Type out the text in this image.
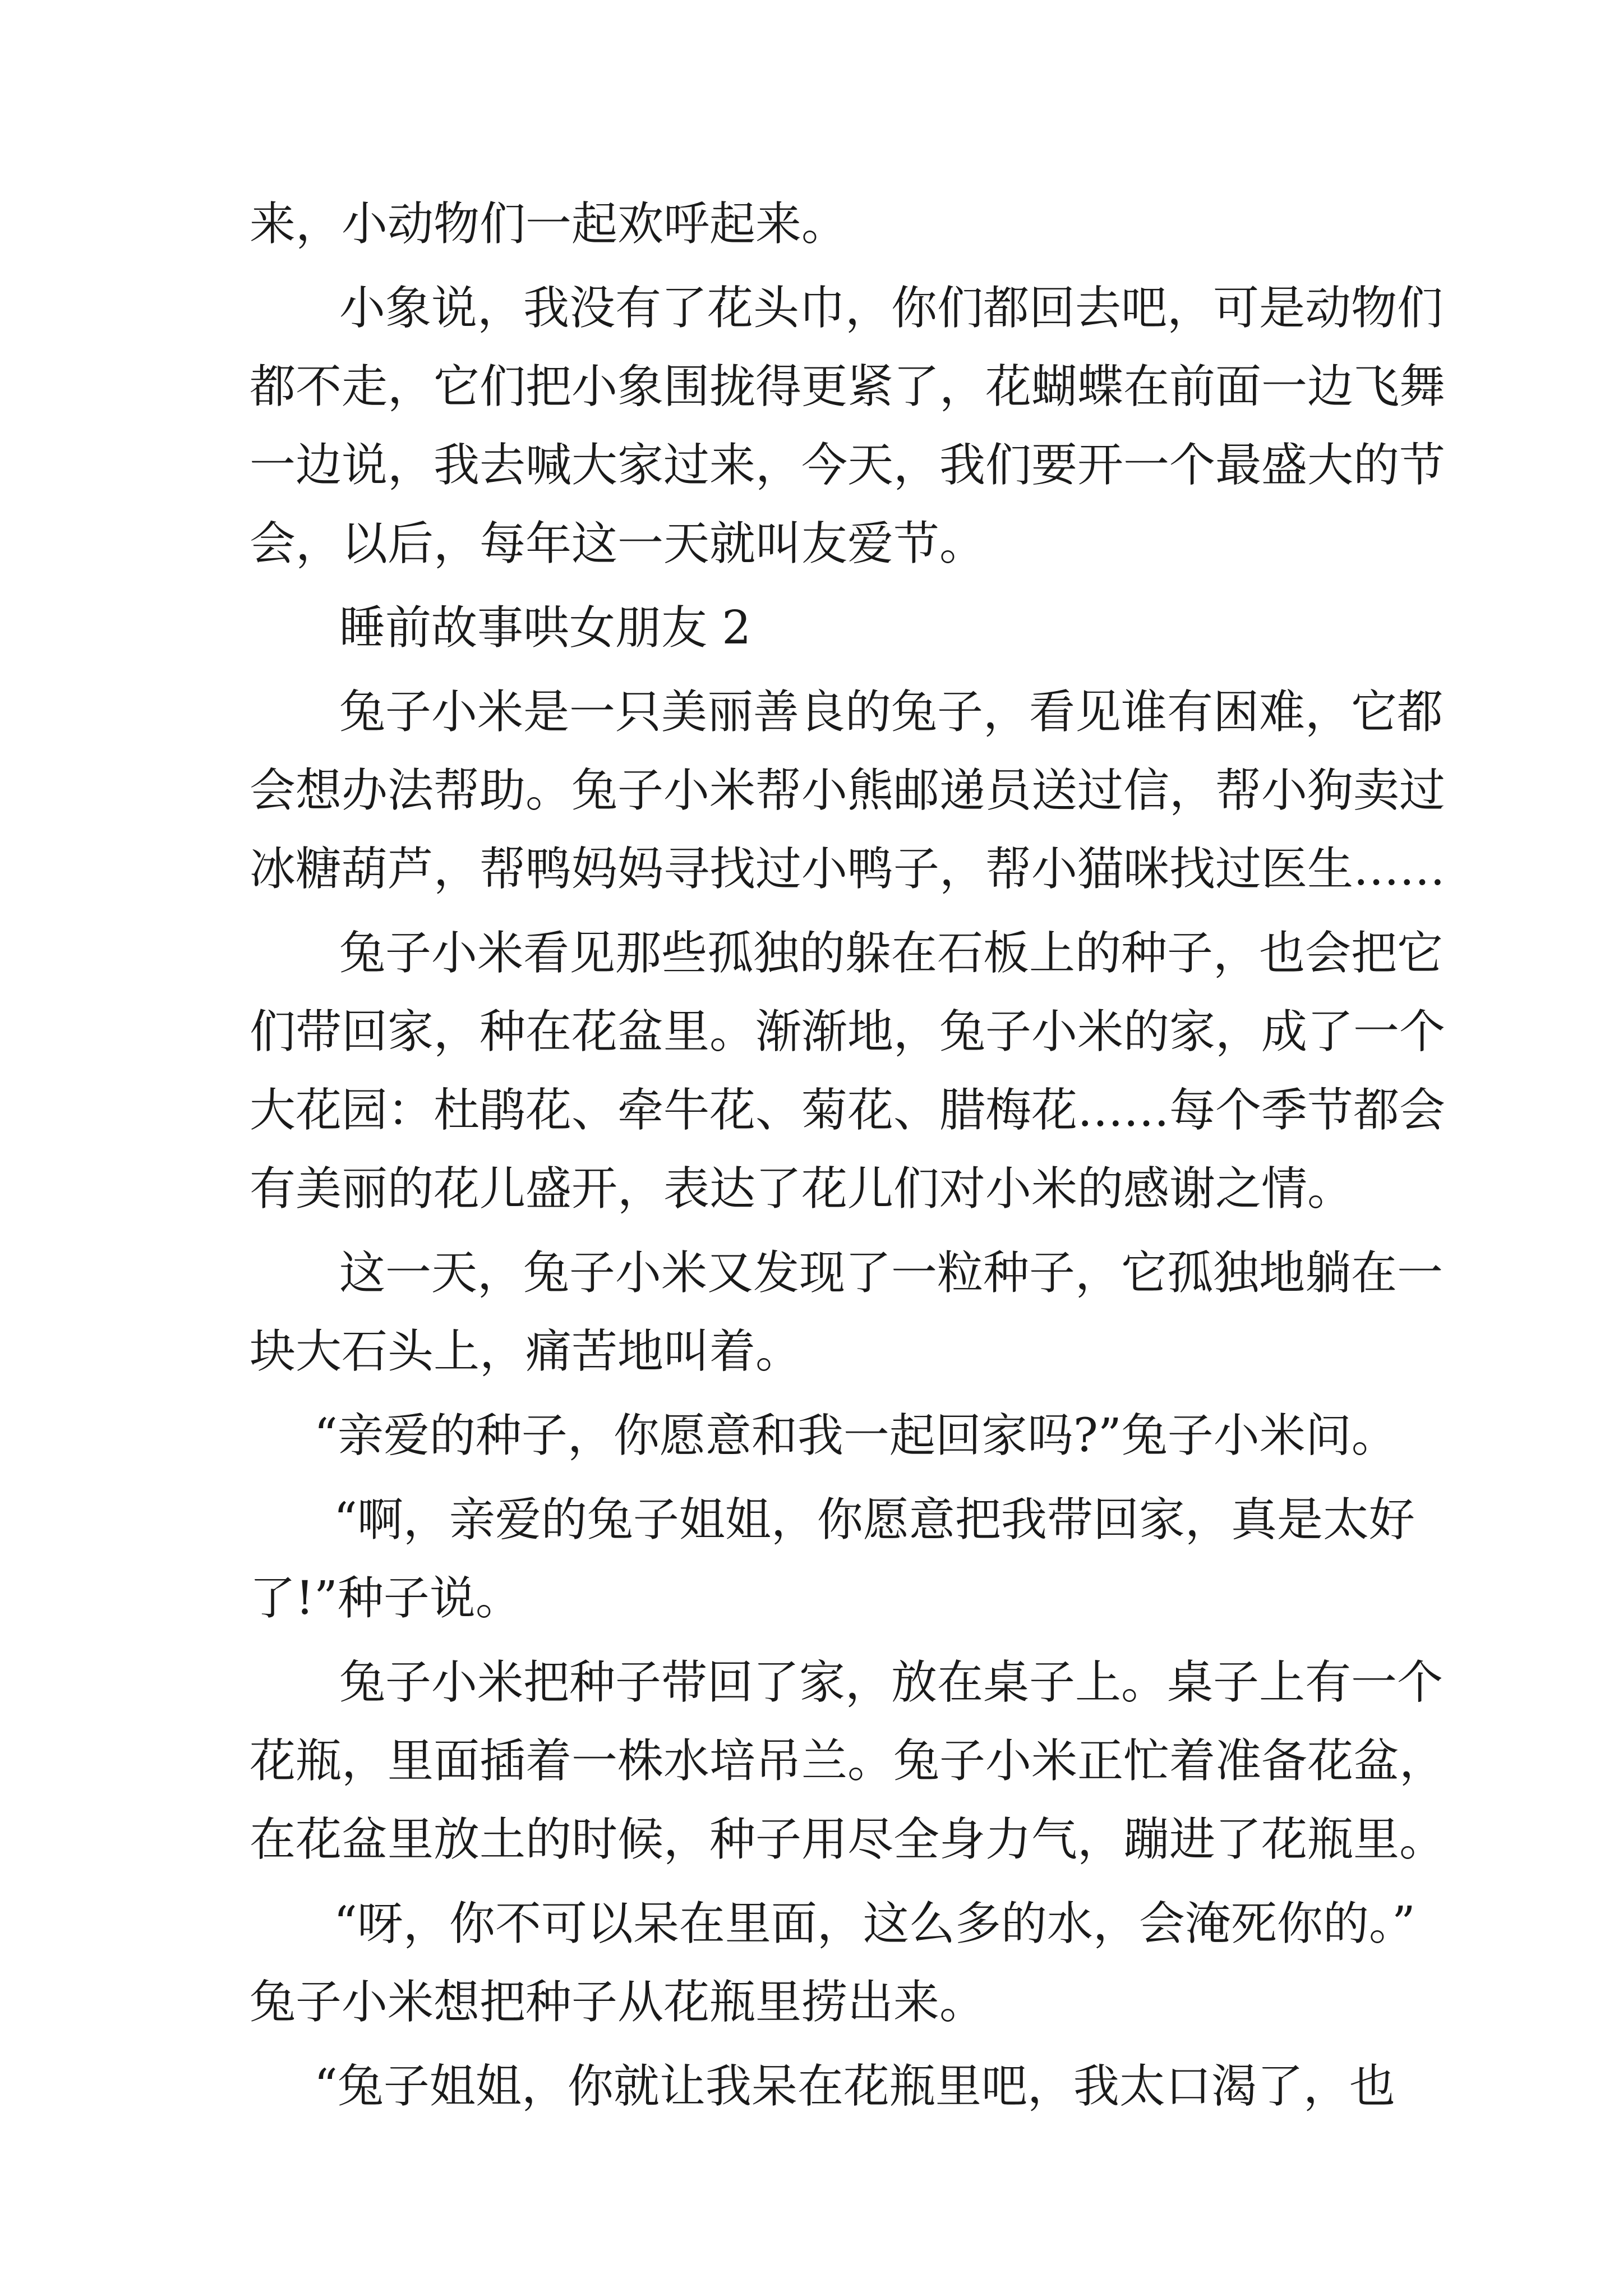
来，小动物们一起欢呼起来。
小象说，我没有了花头巾，你们都回去吧，可是动物们
都不走，它们把小象围拢得更紧了，花蝴蝶在前面一边飞舞
一边说，我去喊大家过来，今天，我们要开一个最盛大的节
会，以后，每年这一天就叫友爱节。
睡前故事哄女朋友 2
兔子小米是一只美丽善良的兔子，看见谁有困难，它都
会想办法帮助。兔子小米帮小熊邮递员送过信，帮小狗卖过
冰糖葫芦，帮鸭妈妈寻找过小鸭子，帮小猫咪找过医生……
兔子小米看见那些孤独的躲在石板上的种子，也会把它
们带回家，种在花盆里。渐渐地，兔子小米的家，成了一个
大花园：杜鹃花、牵牛花、菊花、腊梅花……每个季节都会
有美丽的花儿盛开，表达了花儿们对小米的感谢之情。
这一天，兔子小米又发现了一粒种子，它孤独地躺在一
块大石头上，痛苦地叫着。
“亲爱的种子，你愿意和我一起回家吗?”兔子小米问。
“啊，亲爱的兔子姐姐，你愿意把我带回家，真是太好
了!”种子说。
兔子小米把种子带回了家，放在桌子上。桌子上有一个
花瓶，里面插着一株水培吊兰。兔子小米正忙着准备花盆，
在花盆里放土的时候，种子用尽全身力气，蹦进了花瓶里。
“呀，你不可以呆在里面，这么多的水，会淹死你的。”
兔子小米想把种子从花瓶里捞出来。
“兔子姐姐，你就让我呆在花瓶里吧，我太口渴了，也
